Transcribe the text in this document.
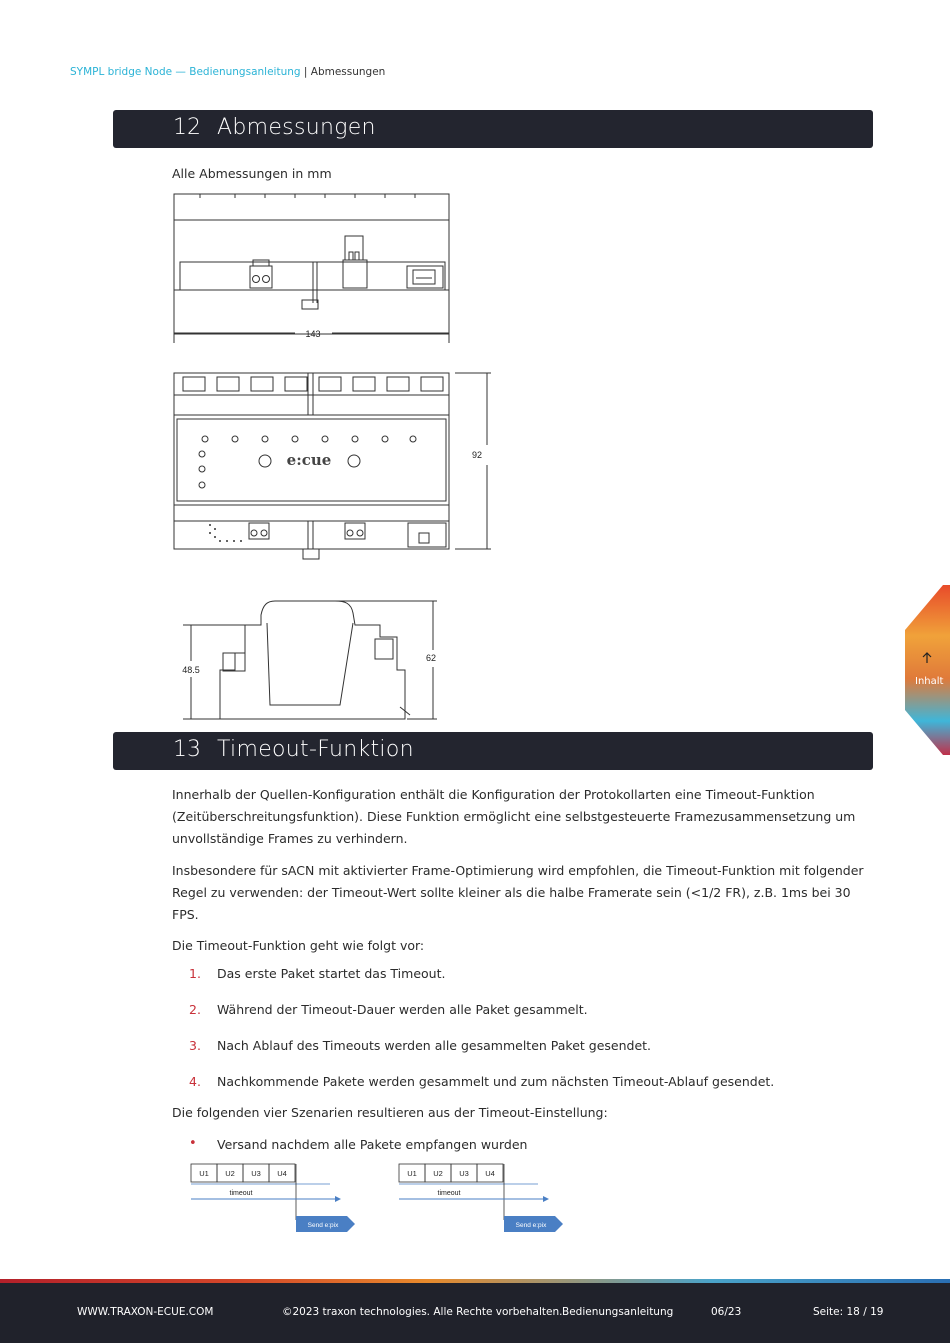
SYMPL bridge Node — Bedienungsanleitung | Abmessungen
12 Abmessungen
Alle Abmessungen in mm
143
e:cue	92
48.5
62
13 Timeout-Funktion
Innerhalb der Quellen-Konfiguration enthält die Konfiguration der Protokollarten eine Timeout-Funktion (Zeitüberschreitungsfunktion). Diese Funktion ermöglicht eine selbstgesteuerte Framezusammensetzung um unvollständige Frames zu verhindern.
Insbesondere für sACN mit aktivierter Frame-Optimierung wird empfohlen, die Timeout-Funktion mit folgender Regel zu verwenden: der Timeout-Wert sollte kleiner als die halbe Framerate sein (<1/2 FR), z.B. 1ms bei 30 FPS.
Die Timeout-Funktion geht wie folgt vor:
1. Das erste Paket startet das Timeout.
2. Während der Timeout-Dauer werden alle Paket gesammelt.
3. Nach Ablauf des Timeouts werden alle gesammelten Paket gesendet.
4. Nachkommende Pakete werden gesammelt und zum nächsten Timeout-Ablauf gesendet.
Die folgenden vier Szenarien resultieren aus der Timeout-Einstellung:
• Versand nachdem alle Pakete empfangen wurden
U1 U2 U3 U4
timeout
Send e:pix
U1 U2 U3 U4
timeout
Send e:pix
Inhalt
WWW.TRAXON-ECUE.COM	©2023 traxon technologies. Alle Rechte vorbehalten. Bedienungsanleitung	06/23	Seite: 18 / 19
